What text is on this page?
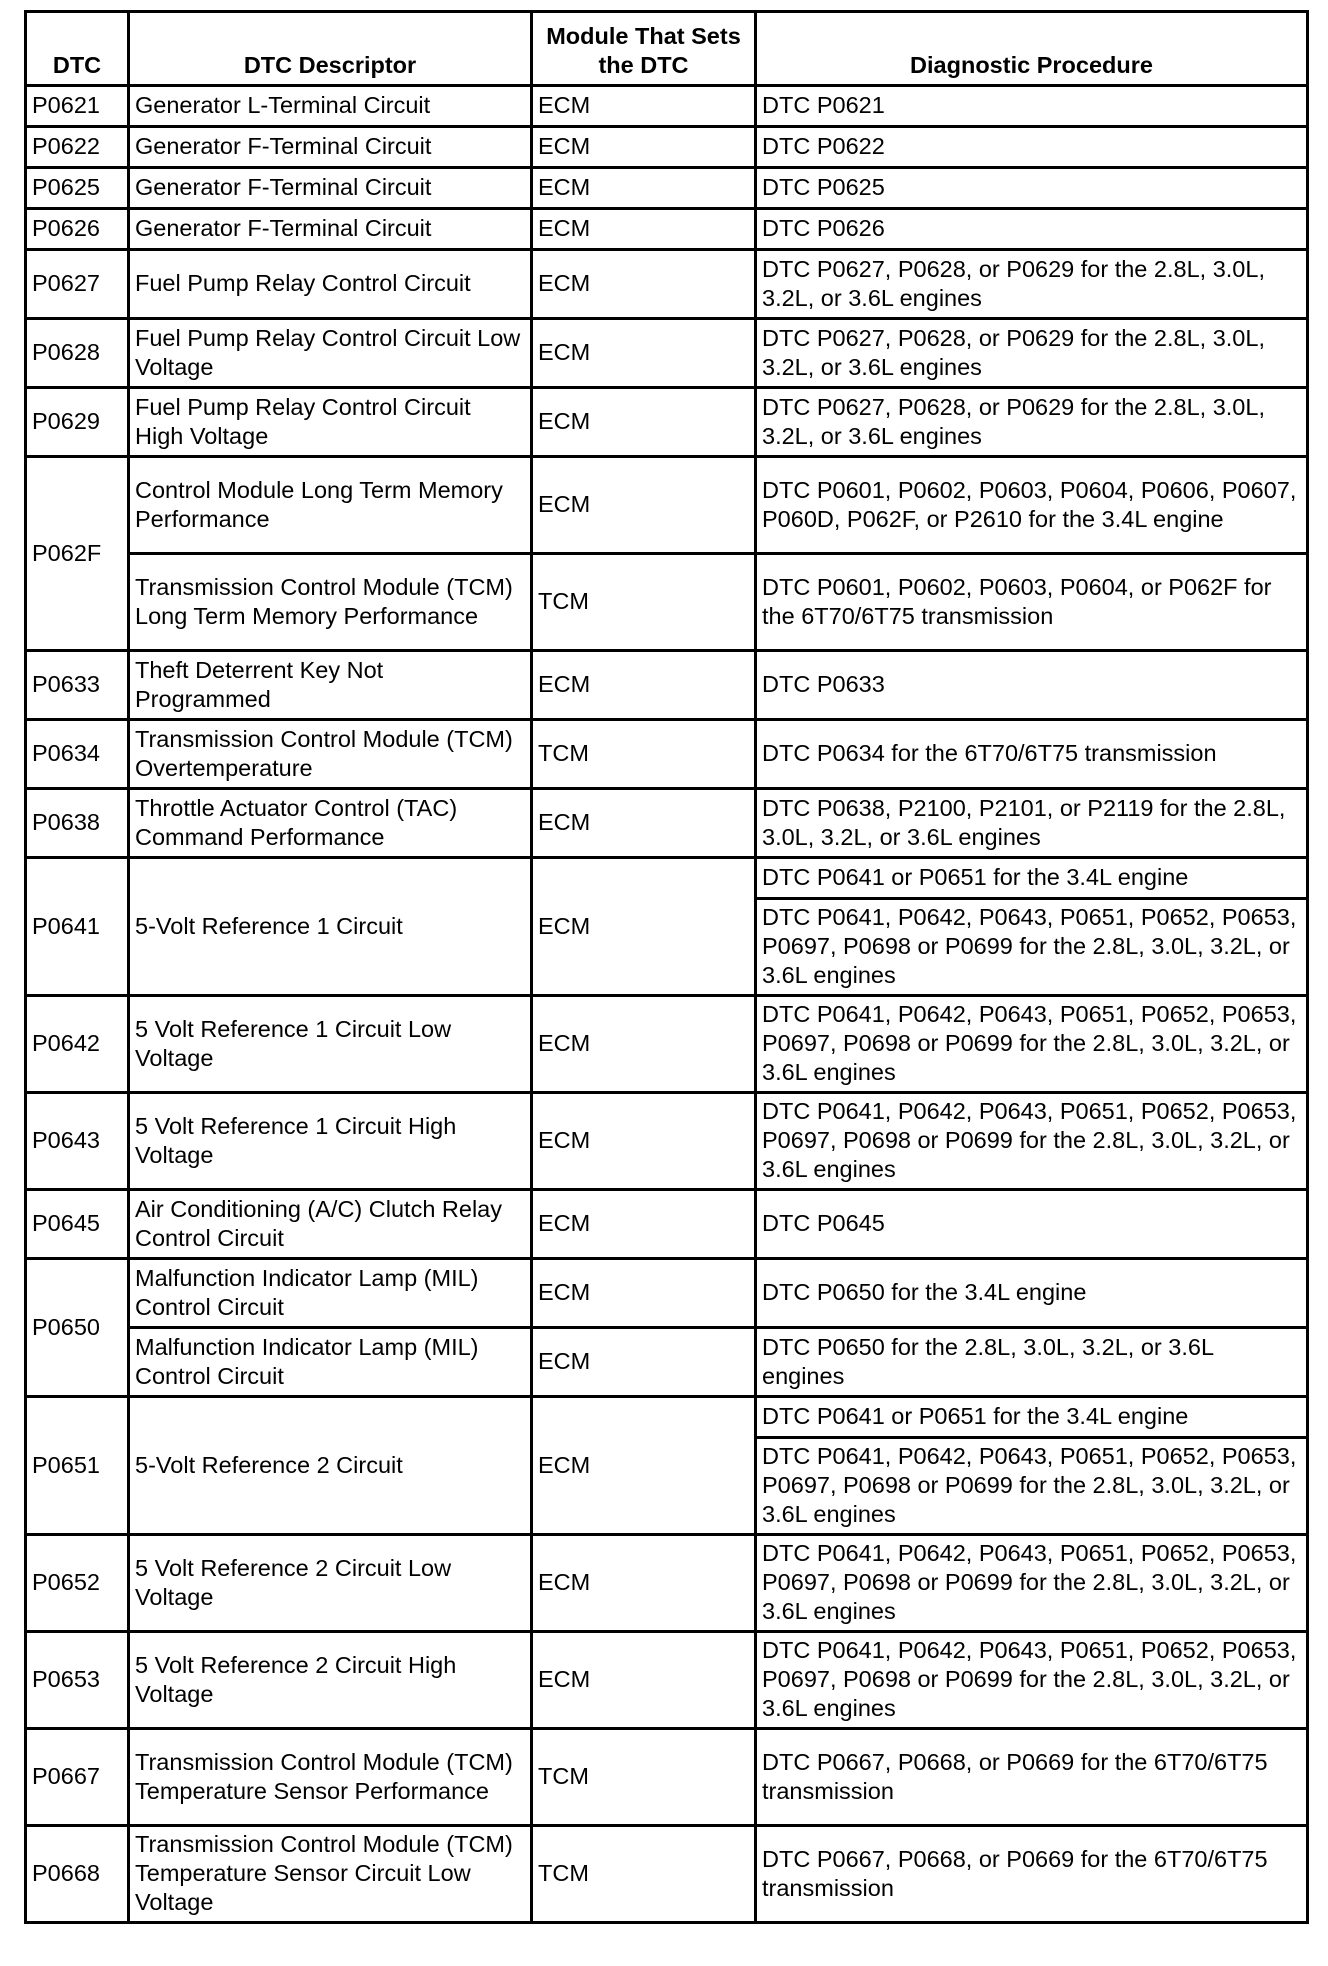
DTC	DTC Descriptor	Module That Sets the DTC	Diagnostic Procedure
P0621	Generator L-Terminal Circuit	ECM	DTC P0621
P0622	Generator F-Terminal Circuit	ECM	DTC P0622
P0625	Generator F-Terminal Circuit	ECM	DTC P0625
P0626	Generator F-Terminal Circuit	ECM	DTC P0626
P0627	Fuel Pump Relay Control Circuit	ECM	DTC P0627, P0628, or P0629 for the 2.8L, 3.0L, 3.2L, or 3.6L engines
P0628	Fuel Pump Relay Control Circuit Low Voltage	ECM	DTC P0627, P0628, or P0629 for the 2.8L, 3.0L, 3.2L, or 3.6L engines
P0629	Fuel Pump Relay Control Circuit High Voltage	ECM	DTC P0627, P0628, or P0629 for the 2.8L, 3.0L, 3.2L, or 3.6L engines
P062F	Control Module Long Term Memory Performance	ECM	DTC P0601, P0602, P0603, P0604, P0606, P0607, P060D, P062F, or P2610 for the 3.4L engine
	Transmission Control Module (TCM) Long Term Memory Performance	TCM	DTC P0601, P0602, P0603, P0604, or P062F for the 6T70/6T75 transmission
P0633	Theft Deterrent Key Not Programmed	ECM	DTC P0633
P0634	Transmission Control Module (TCM) Overtemperature	TCM	DTC P0634 for the 6T70/6T75 transmission
P0638	Throttle Actuator Control (TAC) Command Performance	ECM	DTC P0638, P2100, P2101, or P2119 for the 2.8L, 3.0L, 3.2L, or 3.6L engines
P0641	5-Volt Reference 1 Circuit	ECM	DTC P0641 or P0651 for the 3.4L engine
			DTC P0641, P0642, P0643, P0651, P0652, P0653, P0697, P0698 or P0699 for the 2.8L, 3.0L, 3.2L, or 3.6L engines
P0642	5 Volt Reference 1 Circuit Low Voltage	ECM	DTC P0641, P0642, P0643, P0651, P0652, P0653, P0697, P0698 or P0699 for the 2.8L, 3.0L, 3.2L, or 3.6L engines
P0643	5 Volt Reference 1 Circuit High Voltage	ECM	DTC P0641, P0642, P0643, P0651, P0652, P0653, P0697, P0698 or P0699 for the 2.8L, 3.0L, 3.2L, or 3.6L engines
P0645	Air Conditioning (A/C) Clutch Relay Control Circuit	ECM	DTC P0645
P0650	Malfunction Indicator Lamp (MIL) Control Circuit	ECM	DTC P0650 for the 3.4L engine
	Malfunction Indicator Lamp (MIL) Control Circuit	ECM	DTC P0650 for the 2.8L, 3.0L, 3.2L, or 3.6L engines
P0651	5-Volt Reference 2 Circuit	ECM	DTC P0641 or P0651 for the 3.4L engine
			DTC P0641, P0642, P0643, P0651, P0652, P0653, P0697, P0698 or P0699 for the 2.8L, 3.0L, 3.2L, or 3.6L engines
P0652	5 Volt Reference 2 Circuit Low Voltage	ECM	DTC P0641, P0642, P0643, P0651, P0652, P0653, P0697, P0698 or P0699 for the 2.8L, 3.0L, 3.2L, or 3.6L engines
P0653	5 Volt Reference 2 Circuit High Voltage	ECM	DTC P0641, P0642, P0643, P0651, P0652, P0653, P0697, P0698 or P0699 for the 2.8L, 3.0L, 3.2L, or 3.6L engines
P0667	Transmission Control Module (TCM) Temperature Sensor Performance	TCM	DTC P0667, P0668, or P0669 for the 6T70/6T75 transmission
P0668	Transmission Control Module (TCM) Temperature Sensor Circuit Low Voltage	TCM	DTC P0667, P0668, or P0669 for the 6T70/6T75 transmission
